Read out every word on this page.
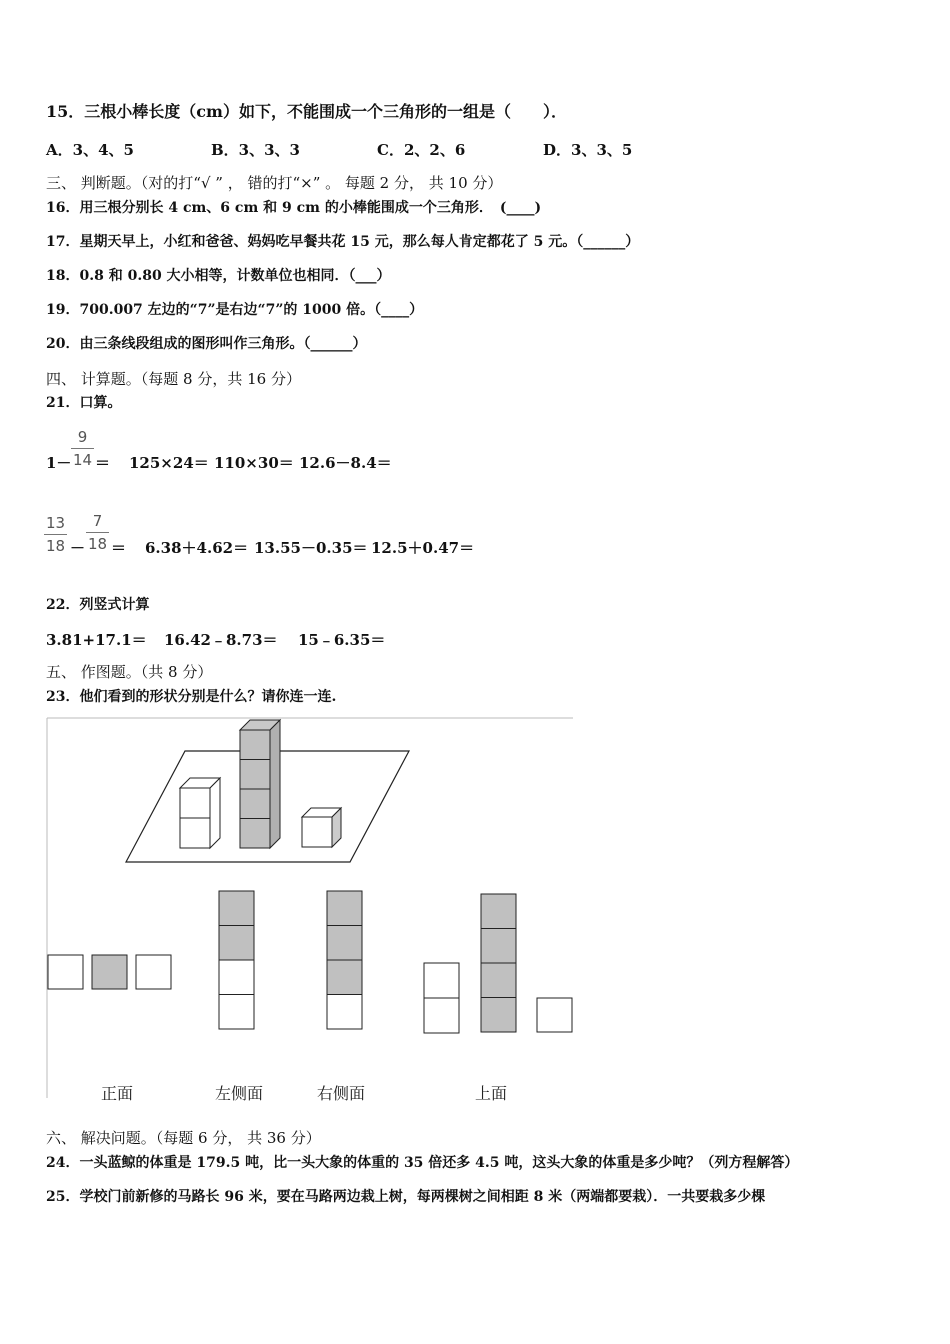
15．三根小棒长度（cm）如下，不能围成一个三角形的一组是（　　）．
A．3、4、5	B．3、3、3	C．2、2、6	D．3、3、5
三、 判断题。（对的打“√ ” ， 错的打“×” 。 每题 2 分， 共 10 分）
16．用三根分别长 4 cm、6 cm 和 9 cm 的小棒能围成一个三角形．　(____)
17．星期天早上，小红和爸爸、妈妈吃早餐共花 15 元，那么每人肯定都花了 5 元。（______）
18．0.8 和 0.80 大小相等，计数单位也相同．（___）
19．700.007 左边的“7”是右边“7”的 1000 倍。（____）
20．由三条线段组成的图形叫作三角形。（______）
四、 计算题。（每题 8 分，共 16 分）
21．口算。
1－
9
14 ＝ 125×24＝ 110×30＝ 12.6－8.4＝
13
18 －
7
18 ＝ 6.38＋4.62＝ 13.55－0.35＝ 12.5＋0.47＝
22．列竖式计算
3.81+17.1＝ 16.42﹣8.73＝ 15﹣6.35＝
五、 作图题。（共 8 分）
23．他们看到的形状分别是什么？请你连一连.
正面	左侧面	右侧面	上面
六、 解决问题。（每题 6 分， 共 36 分）
24．一头蓝鲸的体重是 179.5 吨，比一头大象的体重的 35 倍还多 4.5 吨，这头大象的体重是多少吨？（列方程解答）
25．学校门前新修的马路长 96 米，要在马路两边栽上树，每两棵树之间相距 8 米（两端都要栽）．一共要栽多少棵
